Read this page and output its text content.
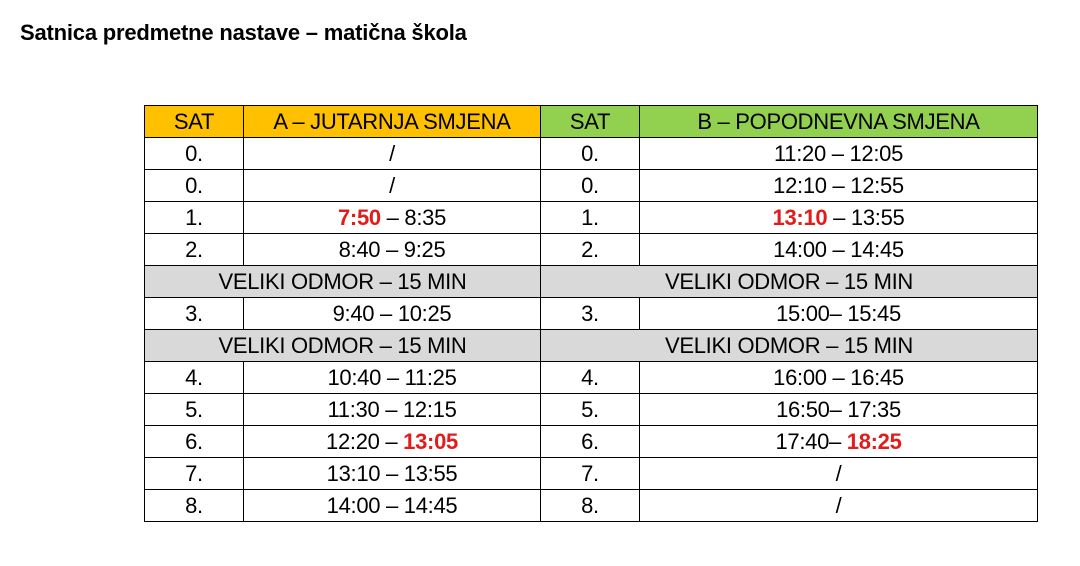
Satnica predmetne nastave – matična škola
SAT	A – JUTARNJA SMJENA	SAT	B – POPODNEVNA SMJENA
0.	/	0.	11:20 – 12:05
0.	/	0.	12:10 – 12:55
1.	7:50 – 8:35	1.	13:10 – 13:55
2.	8:40 – 9:25	2.	14:00 – 14:45
VELIKI ODMOR – 15 MIN		VELIKI ODMOR – 15 MIN	
3.	9:40 – 10:25	3.	15:00– 15:45
VELIKI ODMOR – 15 MIN		VELIKI ODMOR – 15 MIN	
4.	10:40 – 11:25	4.	16:00 – 16:45
5.	11:30 – 12:15	5.	16:50– 17:35
6.	12:20 – 13:05	6.	17:40– 18:25
7.	13:10 – 13:55	7.	/
8.	14:00 – 14:45	8.	/
